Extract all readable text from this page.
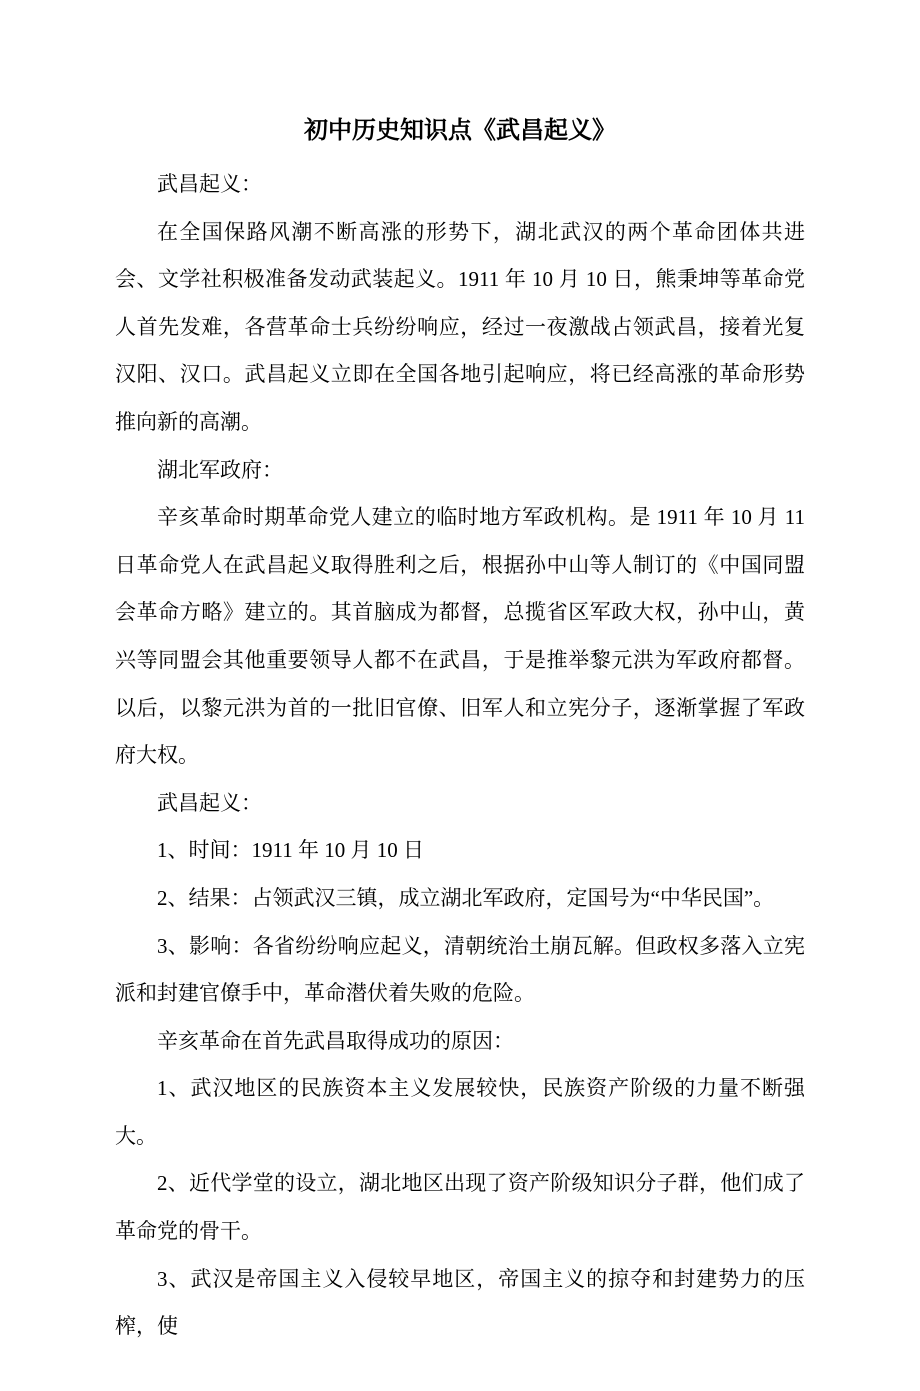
初中历史知识点《武昌起义》

武昌起义：

在全国保路风潮不断高涨的形势下，湖北武汉的两个革命团体共进会、文学社积极准备发动武装起义。1911 年 10 月 10 日，熊秉坤等革命党人首先发难，各营革命士兵纷纷响应，经过一夜激战占领武昌，接着光复汉阳、汉口。武昌起义立即在全国各地引起响应，将已经高涨的革命形势推向新的高潮。

湖北军政府：

辛亥革命时期革命党人建立的临时地方军政机构。是 1911 年 10 月 11 日革命党人在武昌起义取得胜利之后，根据孙中山等人制订的《中国同盟会革命方略》建立的。其首脑成为都督，总揽省区军政大权，孙中山，黄兴等同盟会其他重要领导人都不在武昌，于是推举黎元洪为军政府都督。以后，以黎元洪为首的一批旧官僚、旧军人和立宪分子，逐渐掌握了军政府大权。

武昌起义：

1、时间：1911 年 10 月 10 日

2、结果：占领武汉三镇，成立湖北军政府，定国号为“中华民国”。

3、影响：各省纷纷响应起义，清朝统治土崩瓦解。但政权多落入立宪派和封建官僚手中，革命潜伏着失败的危险。

辛亥革命在首先武昌取得成功的原因：

1、武汉地区的民族资本主义发展较快，民族资产阶级的力量不断强大。

2、近代学堂的设立，湖北地区出现了资产阶级知识分子群，他们成了革命党的骨干。

3、武汉是帝国主义入侵较早地区，帝国主义的掠夺和封建势力的压榨，使
